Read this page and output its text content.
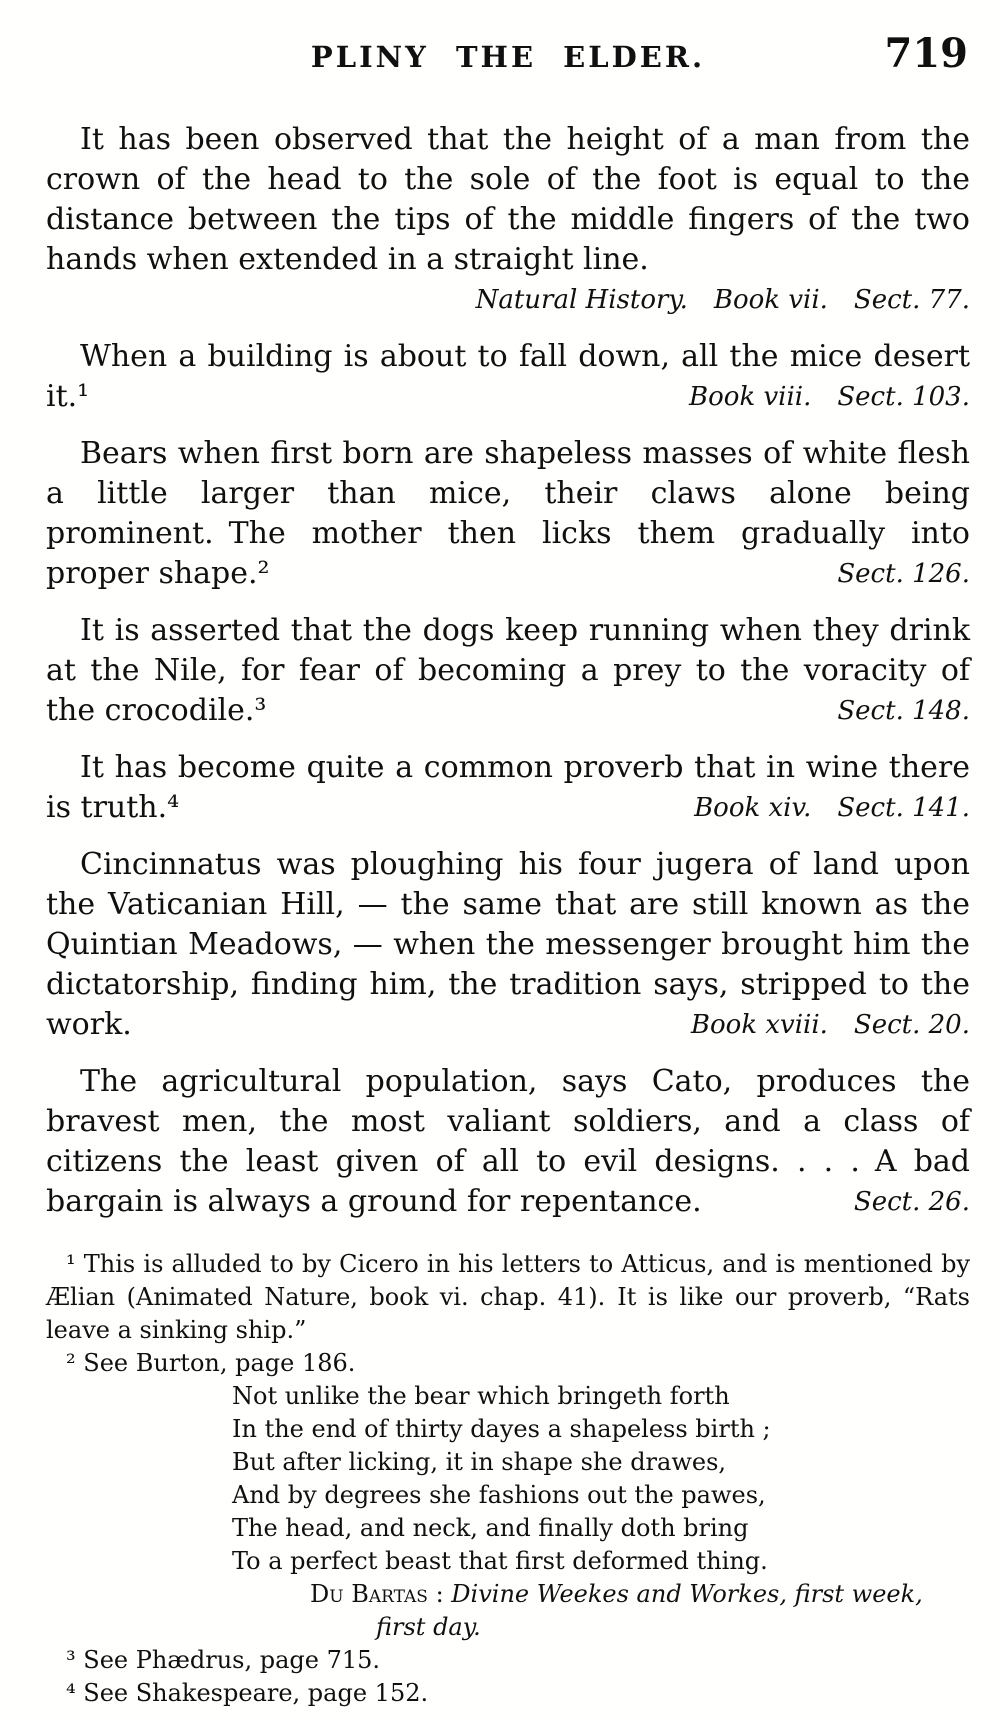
PLINY THE ELDER.	719

It has been observed that the height of a man from the crown of the head to the sole of the foot is equal to the distance between the tips of the middle fingers of the two hands when extended in a straight line.

Natural History.  Book vii.  Sect. 77.

When a building is about to fall down, all the mice desert it.¹	Book viii.  Sect. 103.

Bears when first born are shapeless masses of white flesh a little larger than mice, their claws alone being prominent. The mother then licks them gradually into proper shape.²	Sect. 126.

It is asserted that the dogs keep running when they drink at the Nile, for fear of becoming a prey to the voracity of the crocodile.³	Sect. 148.

It has become quite a common proverb that in wine there is truth.⁴	Book xiv.  Sect. 141.

Cincinnatus was ploughing his four jugera of land upon the Vaticanian Hill, — the same that are still known as the Quintian Meadows, — when the messenger brought him the dictatorship, finding him, the tradition says, stripped to the work.	Book xviii.  Sect. 20.

The agricultural population, says Cato, produces the bravest men, the most valiant soldiers, and a class of citizens the least given of all to evil designs. . . . A bad bargain is always a ground for repentance.	Sect. 26.

¹ This is alluded to by Cicero in his letters to Atticus, and is mentioned by Ælian (Animated Nature, book vi. chap. 41). It is like our proverb, “Rats leave a sinking ship.”

² See Burton, page 186.

Not unlike the bear which bringeth forth
In the end of thirty dayes a shapeless birth ;
But after licking, it in shape she drawes,
And by degrees she fashions out the pawes,
The head, and neck, and finally doth bring
To a perfect beast that first deformed thing.
Du Bartas : Divine Weekes and Workes, first week,
first day.

³ See Phædrus, page 715.

⁴ See Shakespeare, page 152.
